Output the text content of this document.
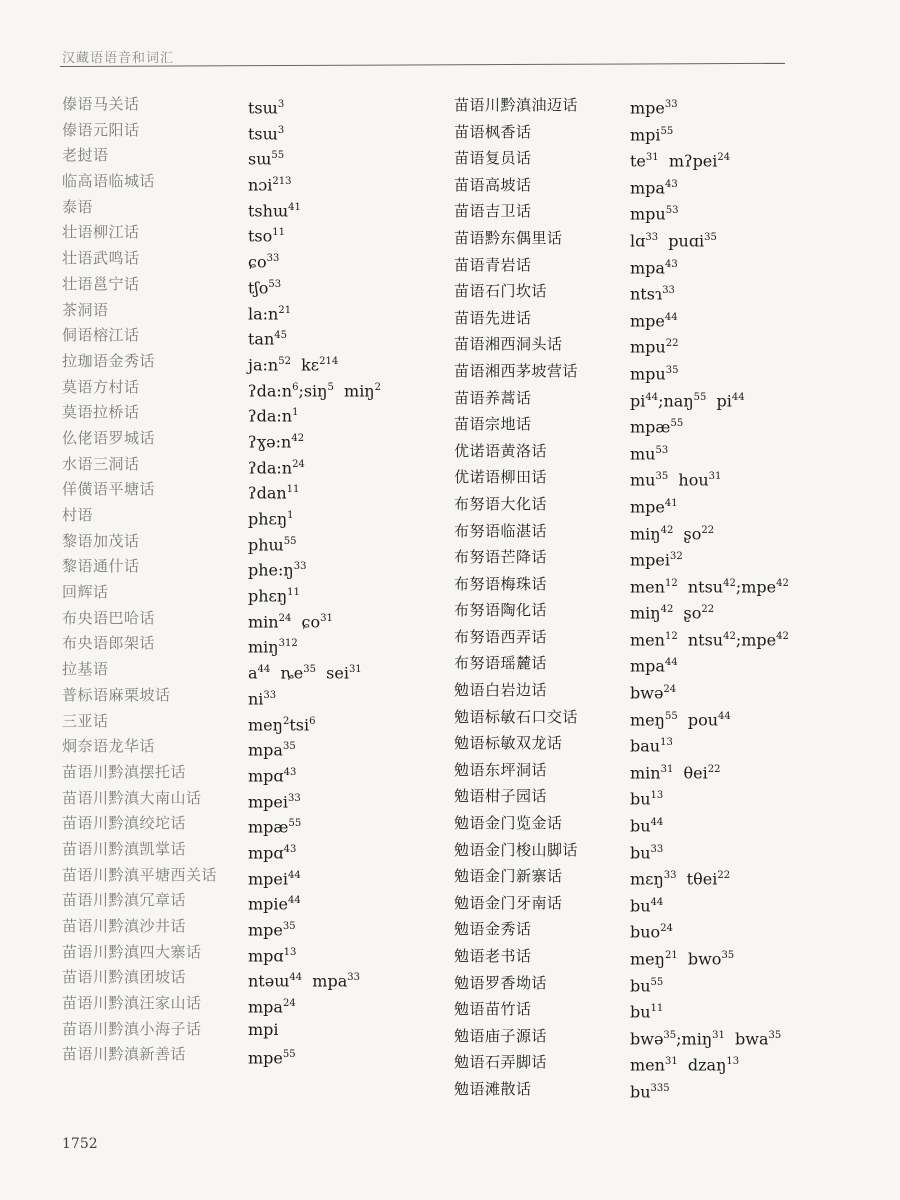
汉藏语语音和词汇
傣语马关话	tsɯ$^3$
傣语元阳话	tsɯ$^3$
老挝语	sɯ$^{55}$
临高语临城话	nɔi$^{213}$
泰语	tshɯ$^{41}$
壮语柳江话	tso$^{11}$
壮语武鸣话	ɕo$^{33}$
壮语邕宁话	tʃo$^{53}$
茶洞语	$la:n^{21}$
侗语榕江话	$\tan^{45}$
拉珈语金秀话	$ja:n^{52}$  kɛ$^{214}$
莫语方村话	$ʔda:n^6;siŋ^5$  miŋ$^2$
莫语拉桥话	$ʔda:n^1$
仫佬语罗城话	$ʔɣə:n^{42}$
水语三洞话	$ʔda:n^{24}$
佯僙语平塘话	ʔdan$^{11}$
村语	phɛŋ$^1$
黎语加茂话	phɯ$^{55}$
黎语通什话	$phe:ŋ^{33}$
回辉话	phɛŋ$^{11}$
布央语巴哈话	$\min^{24}$  ɕo$^{31}$
布央语郎架话	miŋ$^{312}$
拉基语	$a^{44}$  $ȵe^{35}$  sei$^{31}$
普标语麻栗坡话	$ni^{33}$
三亚话	meŋ$^2$tsi$^6$
炯奈语龙华话	mpa$^{35}$
苗语川黔滇摆托话	mpɑ$^{43}$
苗语川黔滇大南山话	mpei$^{33}$
苗语川黔滇绞坨话	mpæ$^{55}$
苗语川黔滇凯掌话	mpɑ$^{43}$
苗语川黔滇平塘西关话 mpei$^{44}$
苗语川黔滇冗章话	mpie$^{44}$
苗语川黔滇沙井话	mpe$^{35}$
苗语川黔滇四大寨话	mpɑ$^{13}$
苗语川黔滇团坡话	ntəɯ$^{44}$  mpa$^{33}$
苗语川黔滇汪家山话	mpa$^{24}$
苗语川黔滇小海子话	mpi
苗语川黔滇新善话	mpe$^{55}$
苗语川黔滇油迈话	mpe$^{33}$
苗语枫香话	mpi$^{55}$
苗语复员话	$te^{31}$  mʔpei$^{24}$
苗语高坡话	mpa$^{43}$
苗语吉卫话	mpu$^{53}$
苗语黔东偶里话	lɑ$^{33}$  puɑi$^{35}$
苗语青岩话	mpa$^{43}$
苗语石门坎话	ntsɿ$^{33}$
苗语先进话	mpe$^{44}$
苗语湘西洞头话	mpu$^{22}$
苗语湘西茅坡营话	mpu$^{35}$
苗语养蒿话	$pi^{44};naŋ^{55}$  $pi^{44}$
苗语宗地话	mpæ$^{55}$
优诺语黄洛话	$mu^{53}$
优诺语柳田话	$mu^{35}$  hou$^{31}$
布努语大化话	mpe$^{41}$
布努语临湛话	miŋ$^{42}$  ʂo$^{22}$
布努语芒降话	mpei$^{32}$
布努语梅珠话	men$^{12}$  ntsu$^{42}$;mpe$^{42}$
布努语陶化话	miŋ$^{42}$  ʂo$^{22}$
布努语西弄话	men$^{12}$  ntsu$^{42}$;mpe$^{42}$
布努语瑶麓话	mpa$^{44}$
勉语白岩边话	bwə$^{24}$
勉语标敏石口交话	meŋ$^{55}$  pou$^{44}$
勉语标敏双龙话	bau$^{13}$
勉语东坪洞话	$\min^{31} \theta ei^{22}$
勉语柑子园话	$bu^{13}$
勉语金门览金话	$bu^{44}$
勉语金门梭山脚话	$bu^{33}$
勉语金门新寨话	mɛŋ$^{33}$  tθei$^{22}$
勉语金门牙南话	$bu^{44}$
勉语金秀话	buo$^{24}$
勉语老书话	meŋ$^{21}$  bwo$^{35}$
勉语罗香坳话	$bu^{55}$
勉语苗竹话	$bu^{11}$
勉语庙子源话	bwə$^{35}$;miŋ$^{31}$  bwa$^{35}$
勉语石弄脚话	men$^{31}$  dzaŋ$^{13}$
勉语滩散话	$bu^{335}$
1752
